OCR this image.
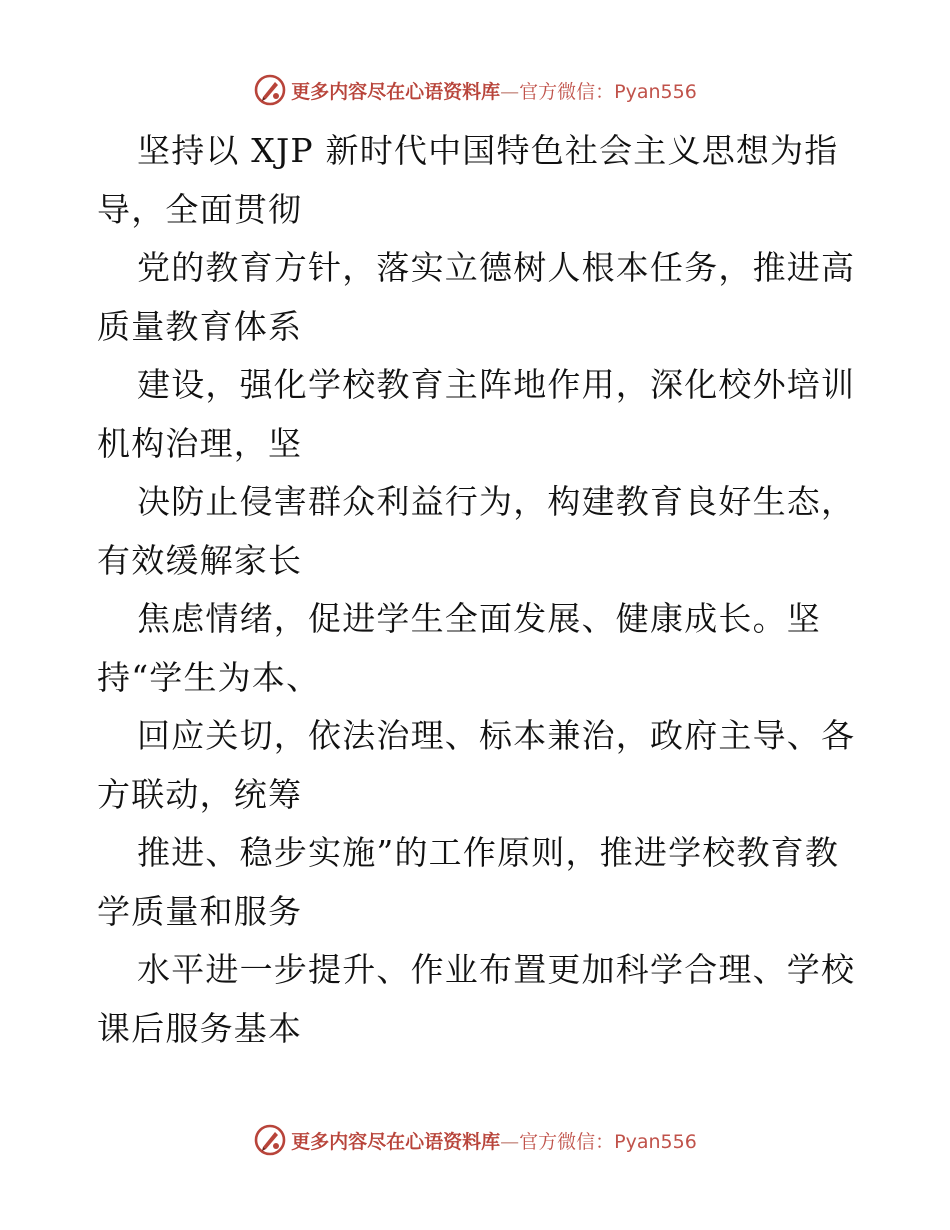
更多内容尽在心语资料库—官方微信：Pyan556
坚持以 XJP 新时代中国特色社会主义思想为指
导，全面贯彻
党的教育方针，落实立德树人根本任务，推进高
质量教育体系
建设，强化学校教育主阵地作用，深化校外培训
机构治理，坚
决防止侵害群众利益行为，构建教育良好生态，
有效缓解家长
焦虑情绪，促进学生全面发展、健康成长。坚
持“学生为本、
回应关切，依法治理、标本兼治，政府主导、各
方联动，统筹
推进、稳步实施”的工作原则，推进学校教育教
学质量和服务
水平进一步提升、作业布置更加科学合理、学校
课后服务基本
更多内容尽在心语资料库—官方微信：Pyan556
